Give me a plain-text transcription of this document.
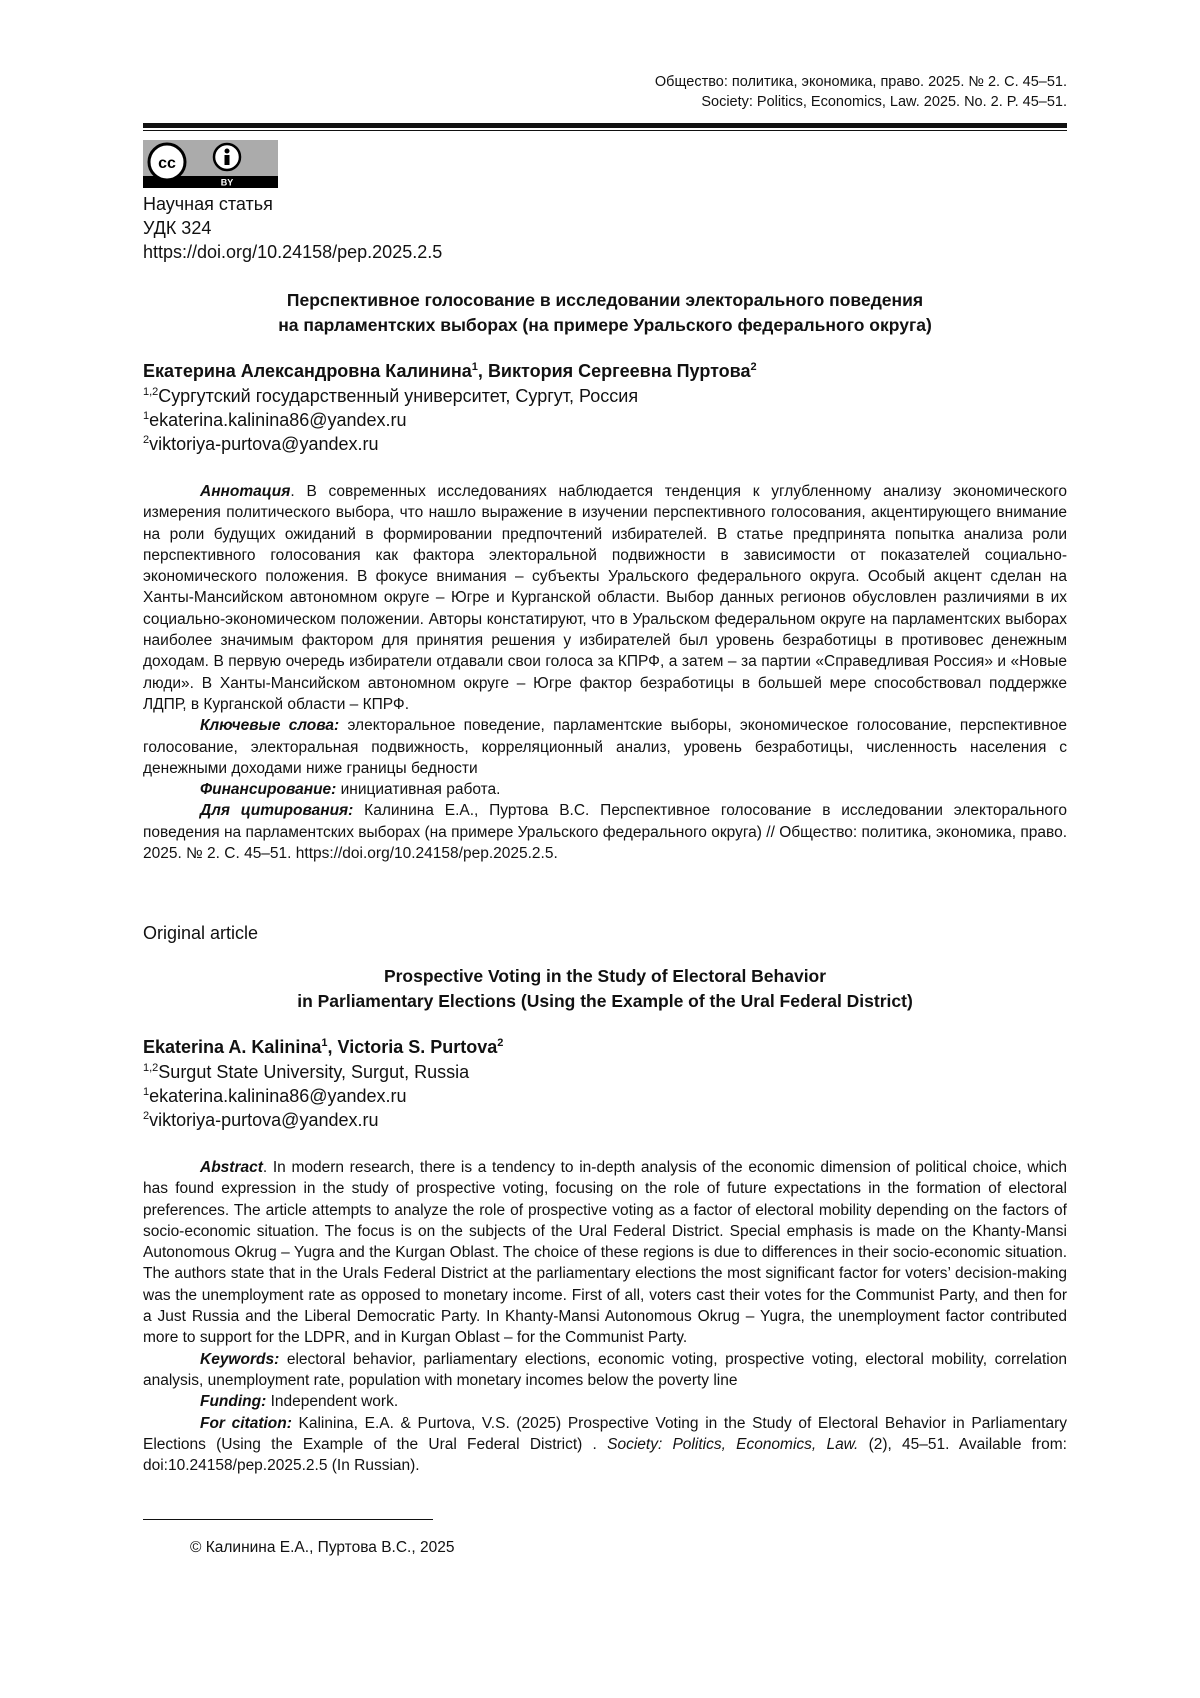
Общество: политика, экономика, право. 2025. № 2. С. 45–51.
Society: Politics, Economics, Law. 2025. No. 2. P. 45–51.
cc
BY
Научная статья
УДК 324
https://doi.org/10.24158/pep.2025.2.5
Перспективное голосование в исследовании электорального поведения
на парламентских выборах (на примере Уральского федерального округа)
Екатерина Александровна Калинина$^1$, Виктория Сергеевна Пуртова$^2$
$^{1,2}$Сургутский государственный университет, Сургут, Россия
$^1$ekaterina.kalinina86@yandex.ru
$^2$viktoriya-purtova@yandex.ru

Аннотация. В современных исследованиях наблюдается тенденция к углубленному анализу экономического измерения политического выбора, что нашло выражение в изучении перспективного голосования, акцентирующего внимание на роли будущих ожиданий в формировании предпочтений избирателей. В статье предпринята попытка анализа роли перспективного голосования как фактора электоральной подвижности в зависимости от показателей социально-экономического положения. В фокусе внимания – субъекты Уральского федерального округа. Особый акцент сделан на Ханты-Мансийском автономном округе – Югре и Курганской области. Выбор данных регионов обусловлен различиями в их социально-экономическом положении. Авторы констатируют, что в Уральском федеральном округе на парламентских выборах наиболее значимым фактором для принятия решения у избирателей был уровень безработицы в противовес денежным доходам. В первую очередь избиратели отдавали свои голоса за КПРФ, а затем – за партии «Справедливая Россия» и «Новые люди». В Ханты-Мансийском автономном округе – Югре фактор безработицы в большей мере способствовал поддержке ЛДПР, в Курганской области – КПРФ.

Ключевые слова: электоральное поведение, парламентские выборы, экономическое голосование, перспективное голосование, электоральная подвижность, корреляционный анализ, уровень безработицы, численность населения с денежными доходами ниже границы бедности

Финансирование: инициативная работа.

Для цитирования: Калинина Е.А., Пуртова В.С. Перспективное голосование в исследовании электорального поведения на парламентских выборах (на примере Уральского федерального округа) // Общество: политика, экономика, право. 2025. № 2. С. 45–51. https://doi.org/10.24158/pep.2025.2.5.

Original article
Prospective Voting in the Study of Electoral Behavior
in Parliamentary Elections (Using the Example of the Ural Federal District)
Ekaterina A. Kalinina$^1$, Victoria S. Purtova$^2$
$^{1,2}$Surgut State University, Surgut, Russia
$^1$ekaterina.kalinina86@yandex.ru
$^2$viktoriya-purtova@yandex.ru

Abstract. In modern research, there is a tendency to in-depth analysis of the economic dimension of political choice, which has found expression in the study of prospective voting, focusing on the role of future expectations in the formation of electoral preferences. The article attempts to analyze the role of prospective voting as a factor of electoral mobility depending on the factors of socio-economic situation. The focus is on the subjects of the Ural Federal District. Special emphasis is made on the Khanty-Mansi Autonomous Okrug – Yugra and the Kurgan Oblast. The choice of these regions is due to differences in their socio-economic situation. The authors state that in the Urals Federal District at the parliamentary elections the most significant factor for voters’ decision-making was the unemployment rate as opposed to monetary income. First of all, voters cast their votes for the Communist Party, and then for a Just Russia and the Liberal Democratic Party. In Khanty-Mansi Autonomous Okrug – Yugra, the unemployment factor contributed more to support for the LDPR, and in Kurgan Oblast – for the Communist Party.

Keywords: electoral behavior, parliamentary elections, economic voting, prospective voting, electoral mobility, correlation analysis, unemployment rate, population with monetary incomes below the poverty line

Funding: Independent work.

For citation: Kalinina, E.A. & Purtova, V.S. (2025) Prospective Voting in the Study of Electoral Behavior in Parliamentary Elections (Using the Example of the Ural Federal District) . Society: Politics, Economics, Law. (2), 45–51. Available from: doi:10.24158/pep.2025.2.5 (In Russian).

© Калинина Е.А., Пуртова В.С., 2025
